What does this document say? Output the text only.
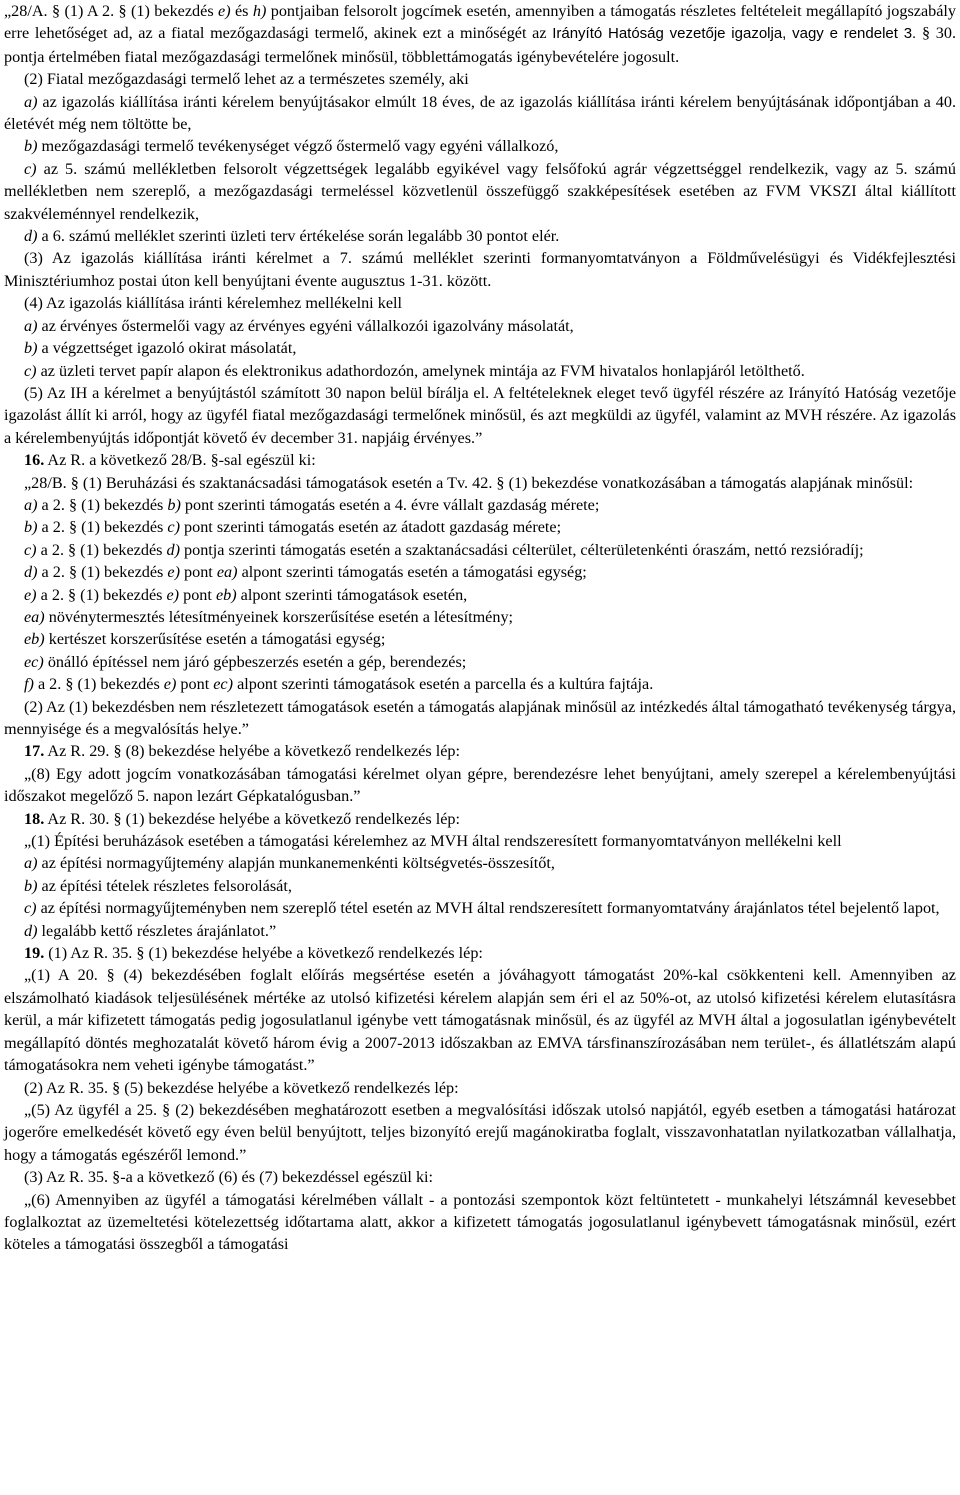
„28/A. § (1) A 2. § (1) bekezdés e) és h) pontjaiban felsorolt jogcímek esetén, amennyiben a támogatás részletes feltételeit megállapító jogszabály erre lehetőséget ad, az a fiatal mezőgazdasági termelő, akinek ezt a minőségét az Irányító Hatóság vezetője igazolja, vagy e rendelet 3. § 30. pontja értelmében fiatal mezőgazdasági termelőnek minősül, többlettámogatás igénybevételére jogosult.

(2) Fiatal mezőgazdasági termelő lehet az a természetes személy, aki

a) az igazolás kiállítása iránti kérelem benyújtásakor elmúlt 18 éves, de az igazolás kiállítása iránti kérelem benyújtásának időpontjában a 40. életévét még nem töltötte be,

b) mezőgazdasági termelő tevékenységet végző őstermelő vagy egyéni vállalkozó,

c) az 5. számú mellékletben felsorolt végzettségek legalább egyikével vagy felsőfokú agrár végzettséggel rendelkezik, vagy az 5. számú mellékletben nem szereplő, a mezőgazdasági termeléssel közvetlenül összefüggő szakképesítések esetében az FVM VKSZI által kiállított szakvéleménnyel rendelkezik,

d) a 6. számú melléklet szerinti üzleti terv értékelése során legalább 30 pontot elér.

(3) Az igazolás kiállítása iránti kérelmet a 7. számú melléklet szerinti formanyomtatványon a Földművelésügyi és Vidékfejlesztési Minisztériumhoz postai úton kell benyújtani évente augusztus 1-31. között.

(4) Az igazolás kiállítása iránti kérelemhez mellékelni kell

a) az érvényes őstermelői vagy az érvényes egyéni vállalkozói igazolvány másolatát,

b) a végzettséget igazoló okirat másolatát,

c) az üzleti tervet papír alapon és elektronikus adathordozón, amelynek mintája az FVM hivatalos honlapjáról letölthető.

(5) Az IH a kérelmet a benyújtástól számított 30 napon belül bírálja el. A feltételeknek eleget tevő ügyfél részére az Irányító Hatóság vezetője igazolást állít ki arról, hogy az ügyfél fiatal mezőgazdasági termelőnek minősül, és azt megküldi az ügyfél, valamint az MVH részére. Az igazolás a kérelembenyújtás időpontját követő év december 31. napjáig érvényes.”

16. Az R. a következő 28/B. §-sal egészül ki:

„28/B. § (1) Beruházási és szaktanácsadási támogatások esetén a Tv. 42. § (1) bekezdése vonatkozásában a támogatás alapjának minősül:

a) a 2. § (1) bekezdés b) pont szerinti támogatás esetén a 4. évre vállalt gazdaság mérete;

b) a 2. § (1) bekezdés c) pont szerinti támogatás esetén az átadott gazdaság mérete;

c) a 2. § (1) bekezdés d) pontja szerinti támogatás esetén a szaktanácsadási célterület, célterületenkénti óraszám, nettó rezsióradíj;

d) a 2. § (1) bekezdés e) pont ea) alpont szerinti támogatás esetén a támogatási egység;

e) a 2. § (1) bekezdés e) pont eb) alpont szerinti támogatások esetén,

ea) növénytermesztés létesítményeinek korszerűsítése esetén a létesítmény;

eb) kertészet korszerűsítése esetén a támogatási egység;

ec) önálló építéssel nem járó gépbeszerzés esetén a gép, berendezés;

f) a 2. § (1) bekezdés e) pont ec) alpont szerinti támogatások esetén a parcella és a kultúra fajtája.

(2) Az (1) bekezdésben nem részletezett támogatások esetén a támogatás alapjának minősül az intézkedés által támogatható tevékenység tárgya, mennyisége és a megvalósítás helye.”

17. Az R. 29. § (8) bekezdése helyébe a következő rendelkezés lép:

„(8) Egy adott jogcím vonatkozásában támogatási kérelmet olyan gépre, berendezésre lehet benyújtani, amely szerepel a kérelembenyújtási időszakot megelőző 5. napon lezárt Gépkatalógusban.”

18. Az R. 30. § (1) bekezdése helyébe a következő rendelkezés lép:

„(1) Építési beruházások esetében a támogatási kérelemhez az MVH által rendszeresített formanyomtatványon mellékelni kell

a) az építési normagyűjtemény alapján munkanemenkénti költségvetés-összesítőt,

b) az építési tételek részletes felsorolását,

c) az építési normagyűjteményben nem szereplő tétel esetén az MVH által rendszeresített formanyomtatvány árajánlatos tétel bejelentő lapot,

d) legalább kettő részletes árajánlatot.”

19. (1) Az R. 35. § (1) bekezdése helyébe a következő rendelkezés lép:

„(1) A 20. § (4) bekezdésében foglalt előírás megsértése esetén a jóváhagyott támogatást 20%-kal csökkenteni kell. Amennyiben az elszámolható kiadások teljesülésének mértéke az utolsó kifizetési kérelem alapján sem éri el az 50%-ot, az utolsó kifizetési kérelem elutasításra kerül, a már kifizetett támogatás pedig jogosulatlanul igénybe vett támogatásnak minősül, és az ügyfél az MVH által a jogosulatlan igénybevételt megállapító döntés meghozatalát követő három évig a 2007-2013 időszakban az EMVA társfinanszírozásában nem terület-, és állatlétszám alapú támogatásokra nem veheti igénybe támogatást.”

(2) Az R. 35. § (5) bekezdése helyébe a következő rendelkezés lép:

„(5) Az ügyfél a 25. § (2) bekezdésében meghatározott esetben a megvalósítási időszak utolsó napjától, egyéb esetben a támogatási határozat jogerőre emelkedését követő egy éven belül benyújtott, teljes bizonyító erejű magánokiratba foglalt, visszavonhatatlan nyilatkozatban vállalhatja, hogy a támogatás egészéről lemond.”

(3) Az R. 35. §-a a következő (6) és (7) bekezdéssel egészül ki:

„(6) Amennyiben az ügyfél a támogatási kérelmében vállalt - a pontozási szempontok közt feltüntetett - munkahelyi létszámnál kevesebbet foglalkoztat az üzemeltetési kötelezettség időtartama alatt, akkor a kifizetett támogatás jogosulatlanul igénybevett támogatásnak minősül, ezért köteles a támogatási összegből a támogatási
